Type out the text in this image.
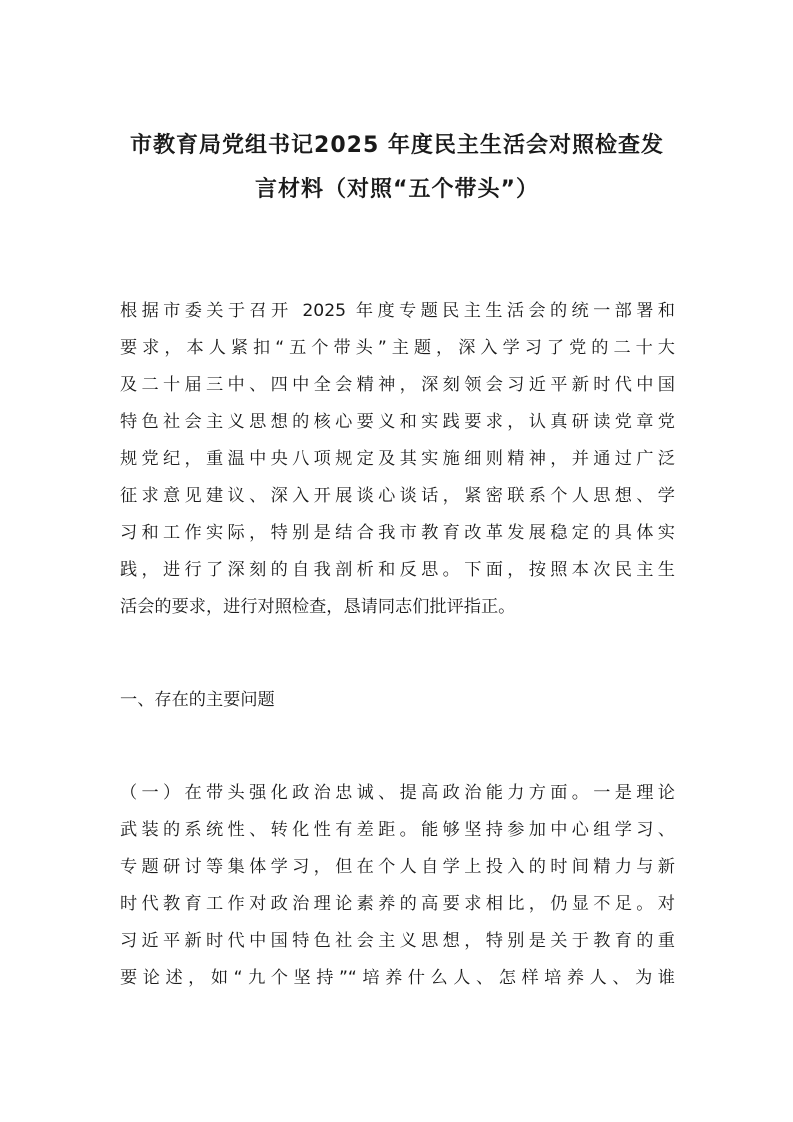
市教育局党组书记2025 年度民主生活会对照检查发
言材料（对照“五个带头”）
根据市委关于召开 2025 年度专题民主生活会的统一部署和
要求，本人紧扣“五个带头”主题，深入学习了党的二十大
及二十届三中、四中全会精神，深刻领会习近平新时代中国
特色社会主义思想的核心要义和实践要求，认真研读党章党
规党纪，重温中央八项规定及其实施细则精神，并通过广泛
征求意见建议、深入开展谈心谈话，紧密联系个人思想、学
习和工作实际，特别是结合我市教育改革发展稳定的具体实
践，进行了深刻的自我剖析和反思。下面，按照本次民主生
活会的要求，进行对照检查，恳请同志们批评指正。
一、存在的主要问题
（一）在带头强化政治忠诚、提高政治能力方面。一是理论
武装的系统性、转化性有差距。能够坚持参加中心组学习、
专题研讨等集体学习，但在个人自学上投入的时间精力与新
时代教育工作对政治理论素养的高要求相比，仍显不足。对
习近平新时代中国特色社会主义思想，特别是关于教育的重
要论述，如“九个坚持”“培养什么人、怎样培养人、为谁
